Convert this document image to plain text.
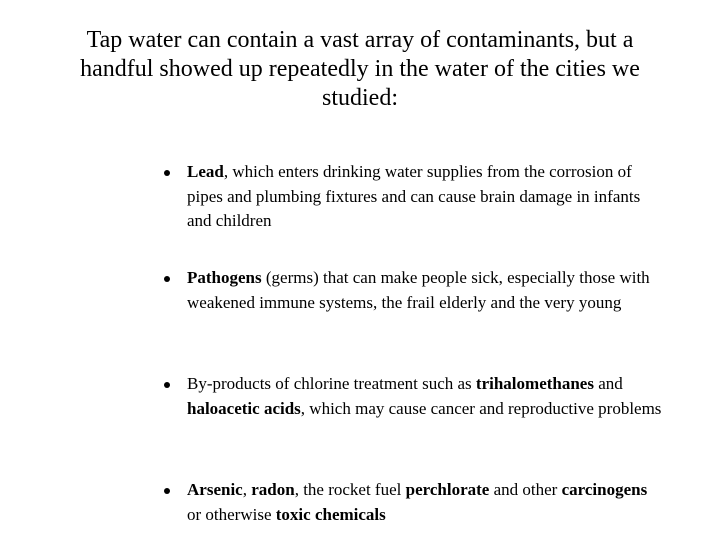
Tap water can contain a vast array of contaminants, but a handful showed up repeatedly in the water of the cities we studied:
Lead, which enters drinking water supplies from the corrosion of pipes and plumbing fixtures and can cause brain damage in infants and children
Pathogens (germs) that can make people sick, especially those with weakened immune systems, the frail elderly and the very young
By-products of chlorine treatment such as trihalomethanes and haloacetic acids, which may cause cancer and reproductive problems
Arsenic, radon, the rocket fuel perchlorate and other carcinogens or otherwise toxic chemicals
